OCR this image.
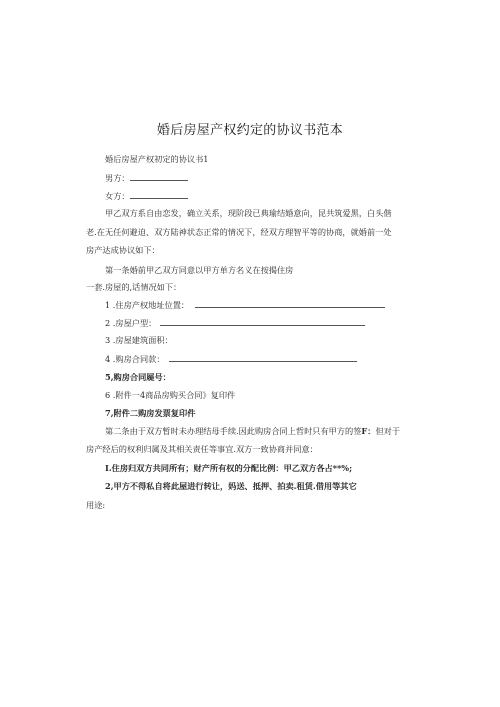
婚后房屋产权约定的协议书范本
婚后房屋产权初定的协议书1
男方：
女方：
甲乙双方系自由恋发，确立关系，现阶段已典瑜结婚意向，昆共筑爱黑，白头偕
老.在无任何避迫、双方陆神状态正常的情况下，经双方理智平等的协商，就婚前一处
房产达成协议如下：
第一条婚前甲乙双方同意以甲方单方名义在按揭住房
一套.房屋的,话情况如下：
1 .住房产权地址位置：
2 .房屋户型：
3 .房屋建筑面积：
4 .购房合同款：
5,购房合同屣号：
6 .附件一4商品房购买合同》复印件
7,附件二购房发票复印件
第二条由于双方暂时未办理结母手续.因此购房合同上哲时只有甲方的签F：但对于
房产经后的权利归属及其相关责任等事宜.双方一致协商并同意：
I.住房归双方共同所有；财产所有权的分配比例：甲乙双方各占**%;
2,甲方不得私自将此屋进行转让，妈送、抵押、拍卖.租赁.借用等其它
用途:
